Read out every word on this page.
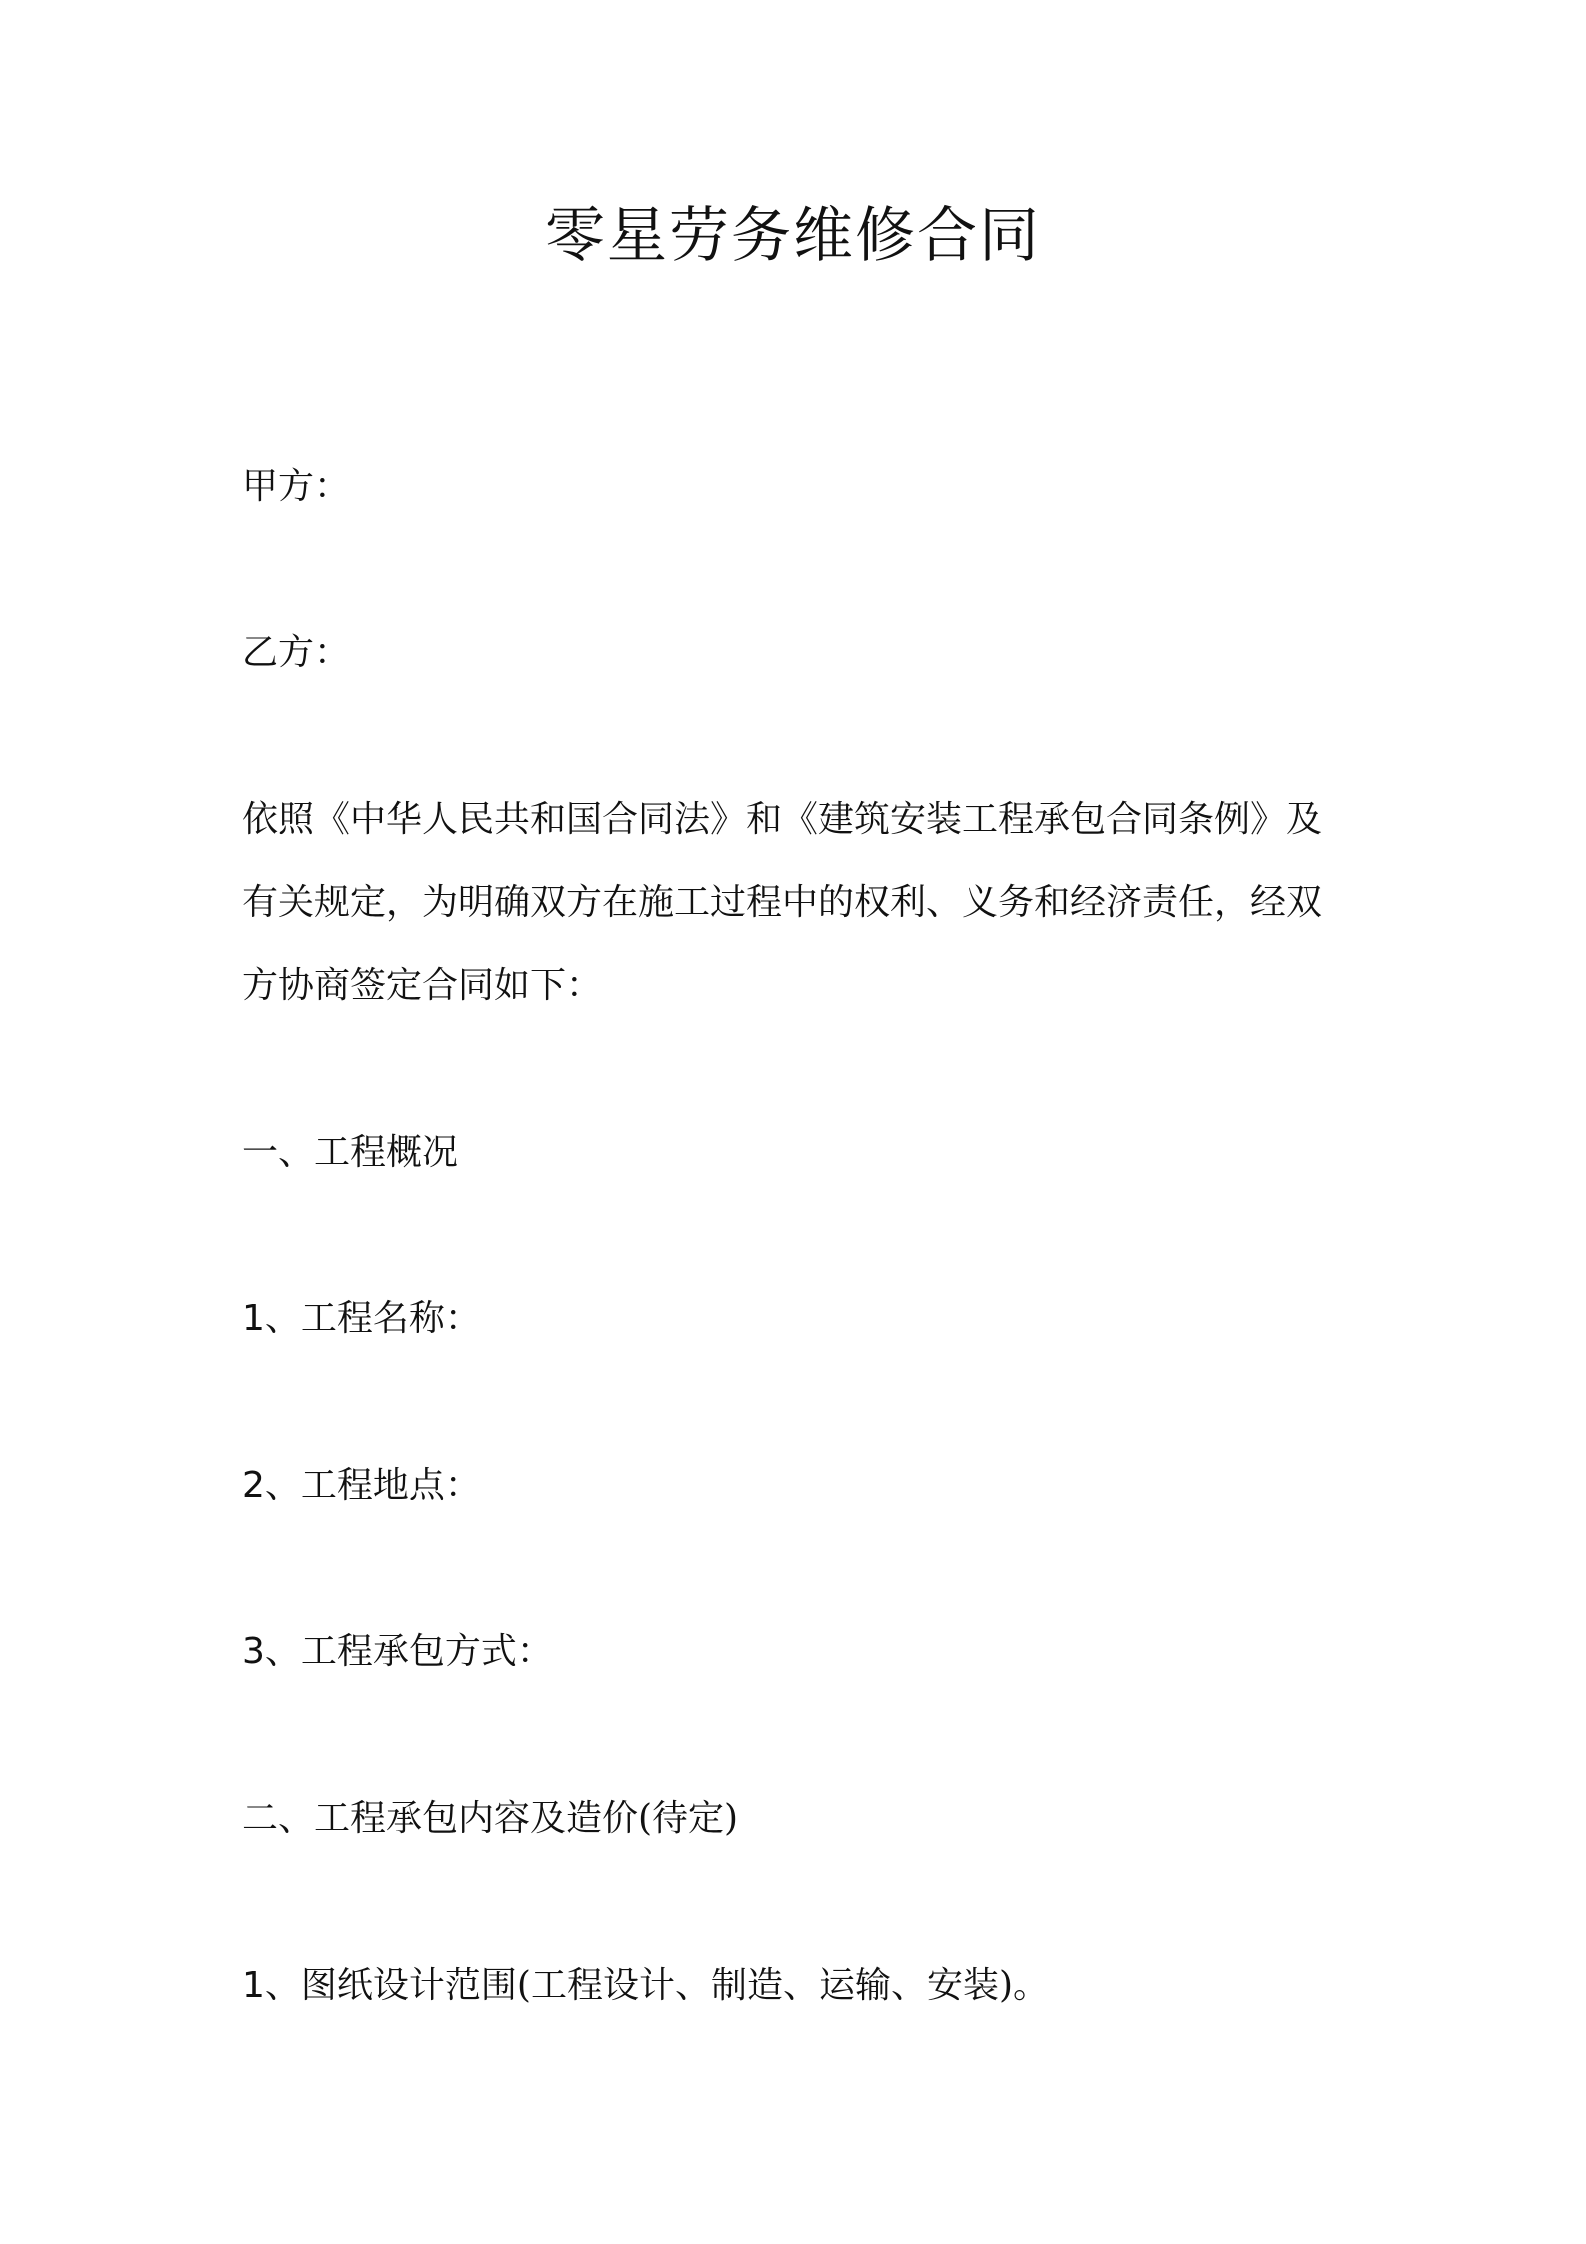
零星劳务维修合同

甲方：

乙方：

依照《中华人民共和国合同法》和《建筑安装工程承包合同条例》及

有关规定，为明确双方在施工过程中的权利、义务和经济责任，经双

方协商签定合同如下：

一、工程概况

1、工程名称：

2、工程地点：

3、工程承包方式：

二、工程承包内容及造价(待定)

1、图纸设计范围(工程设计、制造、运输、安装)。
